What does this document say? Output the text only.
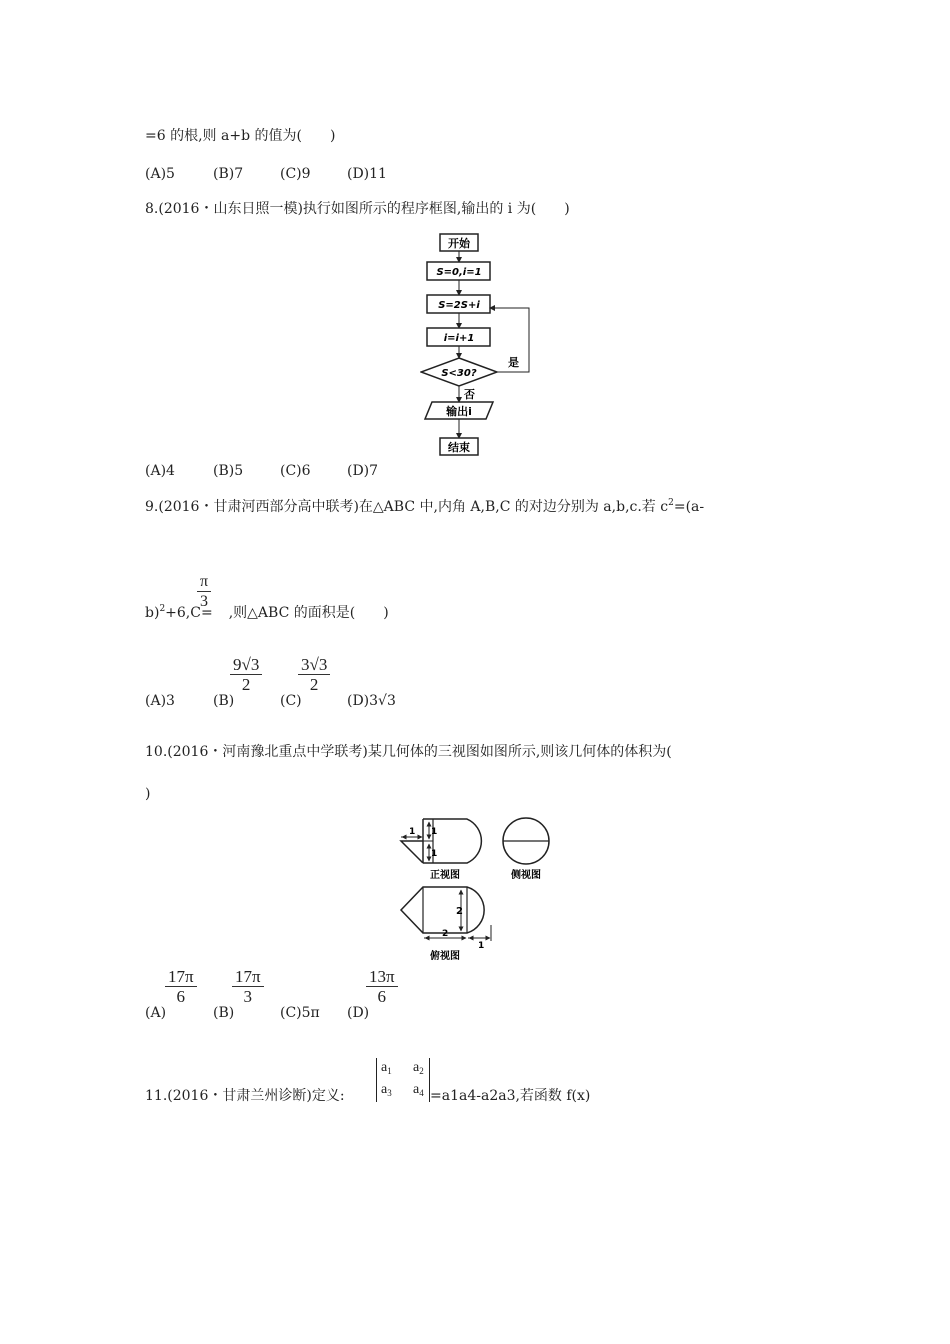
=6 的根,则 a+b 的值为(　　)
(A)5	(B)7	(C)9	(D)11
8.(2016・山东日照一模)执行如图所示的程序框图,输出的 i 为(　　)
开始
S=0,i=1
S=2S+i
i=i+1
S<30?
是
否
输出i
结束
(A)4	(B)5	(C)6	(D)7
9.(2016・甘肃河西部分高中联考)在△ABC 中,内角 A,B,C 的对边分别为 a,b,c.若 $c^2=(a-$
$\frac{\pi}{3}$
b)$^2$+6,C= ,则△ABC 的面积是(　　)
(A)3	(B)
$\frac{9√3}{2}$
(C)
$\frac{3√3}{2}$
(D)3√3
10.(2016・河南豫北重点中学联考)某几何体的三视图如图所示,则该几何体的体积为(
)
1 1
1
正视图	侧视图
2
2
1
俯视图
(A)
$\frac{17\pi}{6}$
(B)
$\frac{17\pi}{3}$
(C)5π (D)
$\frac{13\pi}{6}$
11.(2016・甘肃兰州诊断)定义:
$a_1$ $a_2$
$a_3$ $a_4 =a1a4-a2a3$,若函数 f(x)
